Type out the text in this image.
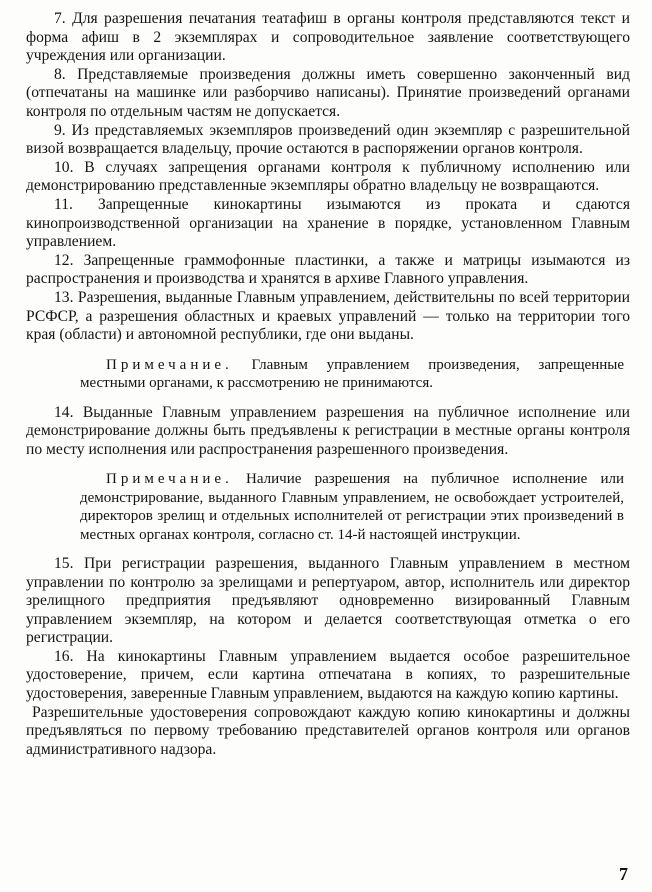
7. Для разрешения печатания театафиш в органы контроля представляются текст и форма афиш в 2 экземплярах и сопроводительное заявление соответствующего учреждения или организации.

8. Представляемые произведения должны иметь совершенно законченный вид (отпечатаны на машинке или разборчиво написаны). Принятие произведений органами контроля по отдельным частям не допускается.

9. Из представляемых экземпляров произведений один экземпляр с разрешительной визой возвращается владельцу, прочие остаются в распоряжении органов контроля.

10. В случаях запрещения органами контроля к публичному исполнению или демонстрированию представленные экземпляры обратно владельцу не возвращаются.

11. Запрещенные кинокартины изымаются из проката и сдаются кинопроизводственной организации на хранение в порядке, установленном Главным управлением.

12. Запрещенные граммофонные пластинки, а также и матрицы изымаются из распространения и производства и хранятся в архиве Главного управления.

13. Разрешения, выданные Главным управлением, действительны по всей территории РСФСР, а разрешения областных и краевых управлений — только на территории того края (области) и автономной республики, где они выданы.

Примечание. Главным управлением произведения, запрещенные местными органами, к рассмотрению не принимаются.

14. Выданные Главным управлением разрешения на публичное исполнение или демонстрирование должны быть предъявлены к регистрации в местные органы контроля по месту исполнения или распространения разрешенного произведения.

Примечание. Наличие разрешения на публичное исполнение или демонстрирование, выданного Главным управлением, не освобождает устроителей, директоров зрелищ и отдельных исполнителей от регистрации этих произведений в местных органах контроля, согласно ст. 14-й настоящей инструкции.

15. При регистрации разрешения, выданного Главным управлением в местном управлении по контролю за зрелищами и репертуаром, автор, исполнитель или директор зрелищного предприятия предъявляют одновременно визированный Главным управлением экземпляр, на котором и делается соответствующая отметка о его регистрации.

16. На кинокартины Главным управлением выдается особое разрешительное удостоверение, причем, если картина отпечатана в копиях, то разрешительные удостоверения, заверенные Главным управлением, выдаются на каждую копию картины.

Разрешительные удостоверения сопровождают каждую копию кинокартины и должны предъявляться по первому требованию представителей органов контроля или органов административного надзора.

7
